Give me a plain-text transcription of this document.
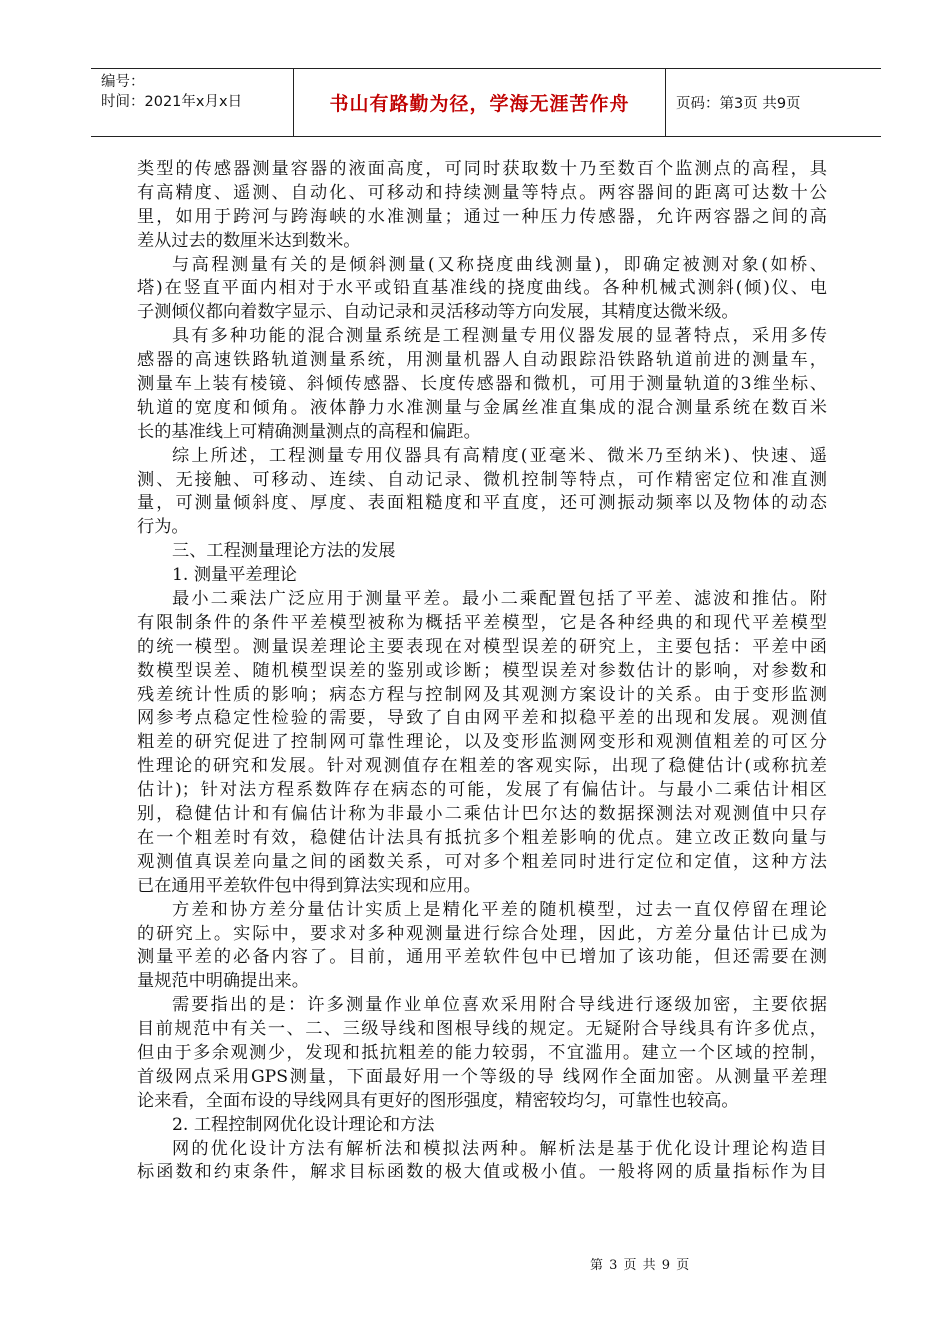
编号：
时间：2021年x月x日	书山有路勤为径，学海无涯苦作舟	页码：第3页 共9页
类型的传感器测量容器的液面高度，可同时获取数十乃至数百个监测点的高程，具
有高精度、遥测、自动化、可移动和持续测量等特点。两容器间的距离可达数十公
里，如用于跨河与跨海峡的水准测量；通过一种压力传感器，允许两容器之间的高
差从过去的数厘米达到数米。
与高程测量有关的是倾斜测量(又称挠度曲线测量)，即确定被测对象(如桥、
塔)在竖直平面内相对于水平或铅直基准线的挠度曲线。各种机械式测斜(倾)仪、电
子测倾仪都向着数字显示、自动记录和灵活移动等方向发展，其精度达微米级。
具有多种功能的混合测量系统是工程测量专用仪器发展的显著特点，采用多传
感器的高速铁路轨道测量系统，用测量机器人自动跟踪沿铁路轨道前进的测量车，
测量车上装有棱镜、斜倾传感器、长度传感器和微机，可用于测量轨道的3维坐标、
轨道的宽度和倾角。液体静力水准测量与金属丝准直集成的混合测量系统在数百米
长的基准线上可精确测量测点的高程和偏距。
综上所述，工程测量专用仪器具有高精度(亚毫米、微米乃至纳米)、快速、遥
测、无接触、可移动、连续、自动记录、微机控制等特点，可作精密定位和准直测
量，可测量倾斜度、厚度、表面粗糙度和平直度，还可测振动频率以及物体的动态
行为。
三、工程测量理论方法的发展
1. 测量平差理论
最小二乘法广泛应用于测量平差。最小二乘配置包括了平差、滤波和推估。附
有限制条件的条件平差模型被称为概括平差模型，它是各种经典的和现代平差模型
的统一模型。测量误差理论主要表现在对模型误差的研究上，主要包括：平差中函
数模型误差、随机模型误差的鉴别或诊断；模型误差对参数估计的影响，对参数和
残差统计性质的影响；病态方程与控制网及其观测方案设计的关系。由于变形监测
网参考点稳定性检验的需要，导致了自由网平差和拟稳平差的出现和发展。观测值
粗差的研究促进了控制网可靠性理论，以及变形监测网变形和观测值粗差的可区分
性理论的研究和发展。针对观测值存在粗差的客观实际，出现了稳健估计(或称抗差
估计)；针对法方程系数阵存在病态的可能，发展了有偏估计。与最小二乘估计相区
别，稳健估计和有偏估计称为非最小二乘估计巴尔达的数据探测法对观测值中只存
在一个粗差时有效，稳健估计法具有抵抗多个粗差影响的优点。建立改正数向量与
观测值真误差向量之间的函数关系，可对多个粗差同时进行定位和定值，这种方法
已在通用平差软件包中得到算法实现和应用。
方差和协方差分量估计实质上是精化平差的随机模型，过去一直仅停留在理论
的研究上。实际中，要求对多种观测量进行综合处理，因此，方差分量估计已成为
测量平差的必备内容了。目前，通用平差软件包中已增加了该功能，但还需要在测
量规范中明确提出来。
需要指出的是：许多测量作业单位喜欢采用附合导线进行逐级加密，主要依据
目前规范中有关一、二、三级导线和图根导线的规定。无疑附合导线具有许多优点，
但由于多余观测少，发现和抵抗粗差的能力较弱，不宜滥用。建立一个区域的控制，
首级网点采用GPS测量，下面最好用一个等级的导 线网作全面加密。从测量平差理
论来看，全面布设的导线网具有更好的图形强度，精密较均匀，可靠性也较高。
2. 工程控制网优化设计理论和方法
网的优化设计方法有解析法和模拟法两种。解析法是基于优化设计理论构造目
标函数和约束条件，解求目标函数的极大值或极小值。一般将网的质量指标作为目
第 3 页 共 9 页
